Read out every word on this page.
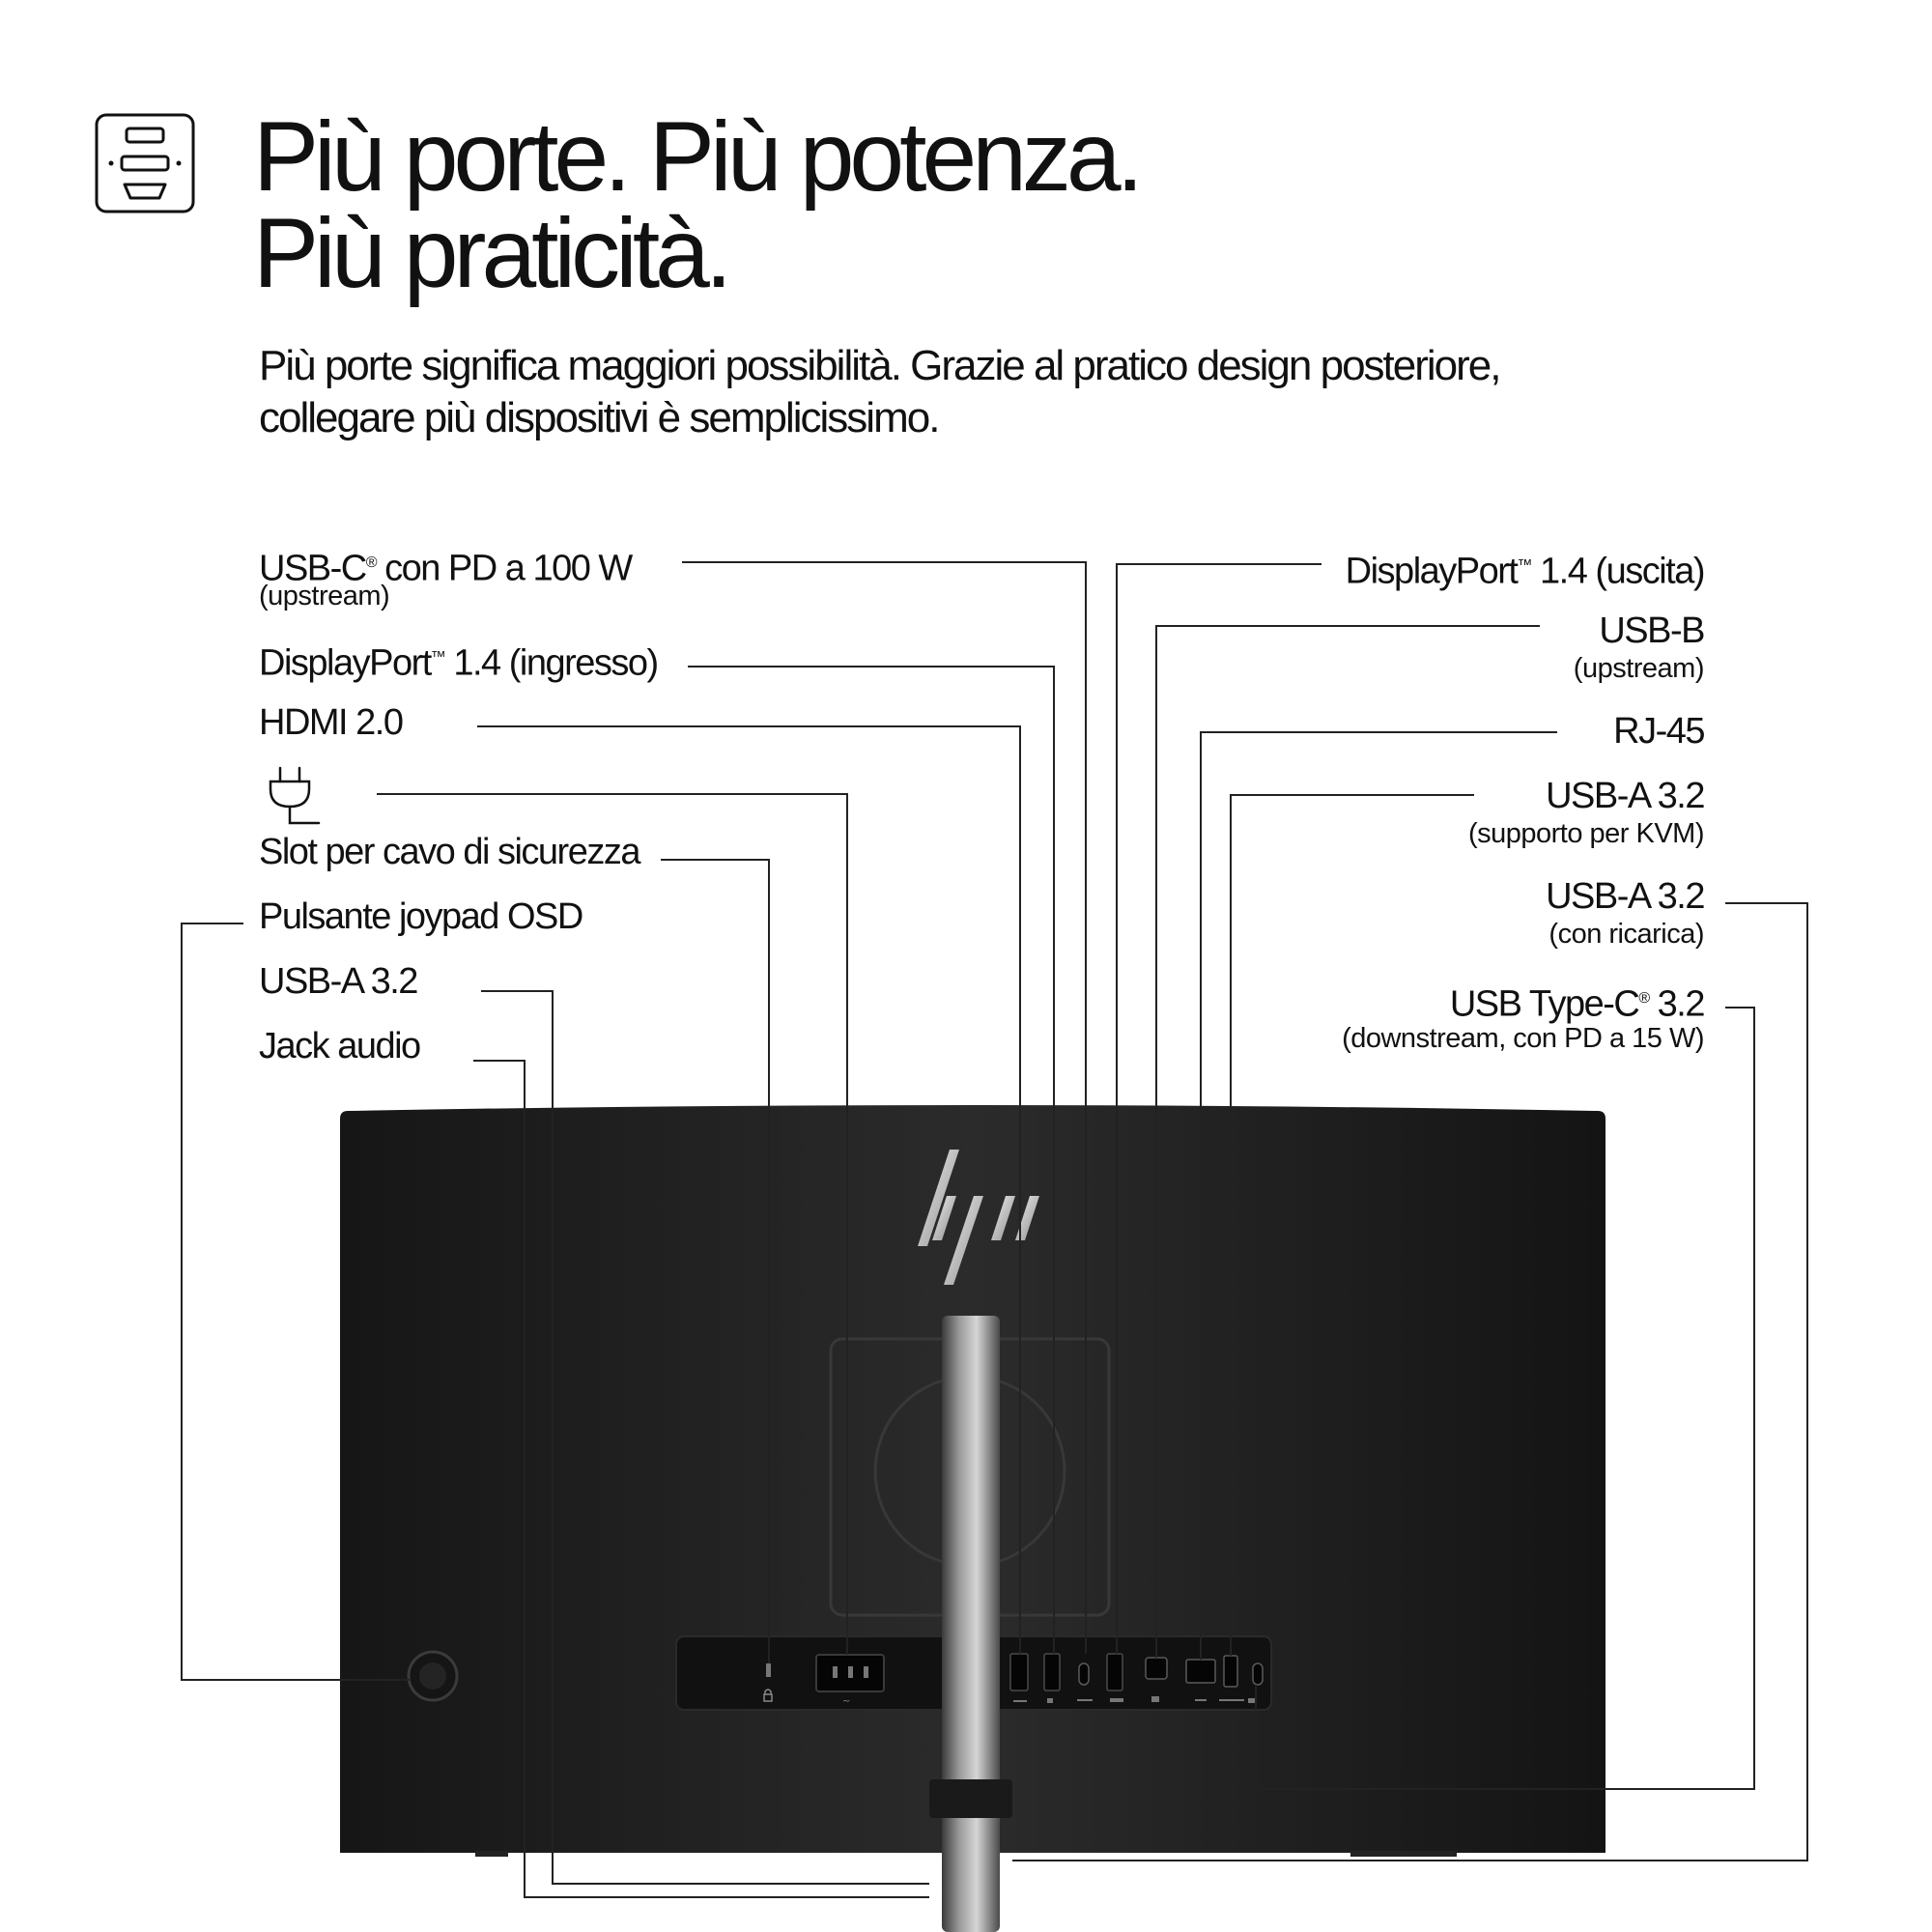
Più porte. Più potenza.
Più praticità.

Più porte significa maggiori possibilità. Grazie al pratico design posteriore,
collegare più dispositivi è semplicissimo.

~
USB-C® con PD a 100 W
(upstream)
DisplayPort™ 1.4 (ingresso)
HDMI 2.0
Slot per cavo di sicurezza
Pulsante joypad OSD
USB-A 3.2
Jack audio
DisplayPort™ 1.4 (uscita)
USB-B
(upstream)
RJ-45
USB-A 3.2
(supporto per KVM)
USB-A 3.2
(con ricarica)
USB Type-C® 3.2
(downstream, con PD a 15 W)
